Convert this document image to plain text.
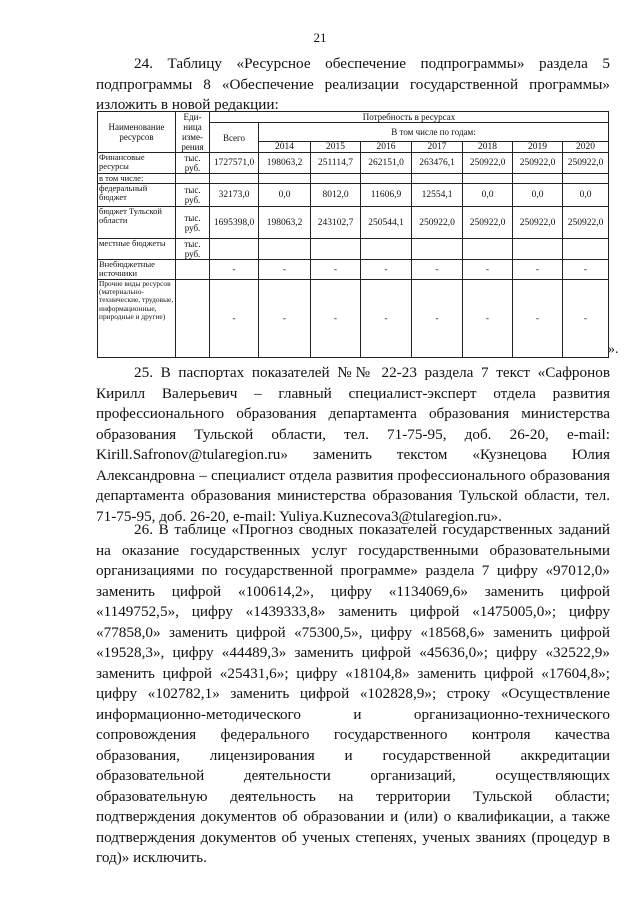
21

24. Таблицу «Ресурсное обеспечение подпрограммы» раздела 5 подпрограммы 8 «Обеспечение реализации государственной программы» изложить в новой редакции:

Наименование ресурсов	Еди-ница изме-рения	Потребность в ресурсах							
		Всего	В том числе по годам:						
			2014	2015	2016	2017	2018	2019	2020
Финансовые ресурсы	тыс. руб.	1727571,0	198063,2	251114,7	262151,0	263476,1	250922,0	250922,0	250922,0
в том числе:									
федеральный бюджет	тыс. руб.	32173,0	0,0	8012,0	11606,9	12554,1	0,0	0,0	0,0
бюджет Тульской области	тыс. руб.	1695398,0	198063,2	243102,7	250544,1	250922,0	250922,0	250922,0	250922,0
местные бюджеты	тыс. руб.								
Внебюджетные источники		-	-	-	-	-	-	-	-
Прочие виды ресурсов (материально-технические, трудовые, информационные, природные и другие)		-	-	-	-	-	-	-	-
».

25. В паспортах показателей №№ 22-23 раздела 7 текст «Сафронов Кирилл Валерьевич – главный специалист-эксперт отдела развития профессионального образования департамента образования министерства образования Тульской области, тел. 71-75-95, доб. 26-20, e-mail: Kirill.Safronov@tularegion.ru» заменить текстом «Кузнецова Юлия Александровна – специалист отдела развития профессионального образования департамента образования министерства образования Тульской области, тел. 71-75-95, доб. 26-20, e-mail: Yuliya.Kuznecova3@tularegion.ru».

26. В таблице «Прогноз сводных показателей государственных заданий на оказание государственных услуг государственными образовательными организациями по государственной программе» раздела 7 цифру «97012,0» заменить цифрой «100614,2», цифру «1134069,6» заменить цифрой «1149752,5», цифру «1439333,8» заменить цифрой «1475005,0»; цифру «77858,0» заменить цифрой «75300,5», цифру «18568,6» заменить цифрой «19528,3», цифру «44489,3» заменить цифрой «45636,0»; цифру «32522,9» заменить цифрой «25431,6»; цифру «18104,8» заменить цифрой «17604,8»; цифру «102782,1» заменить цифрой «102828,9»; строку «Осуществление информационно-методического и организационно-технического сопровождения федерального государственного контроля качества образования, лицензирования и государственной аккредитации образовательной деятельности организаций, осуществляющих образовательную деятельность на территории Тульской области; подтверждения документов об образовании и (или) о квалификации, а также подтверждения документов об ученых степенях, ученых званиях (процедур в год)» исключить.
